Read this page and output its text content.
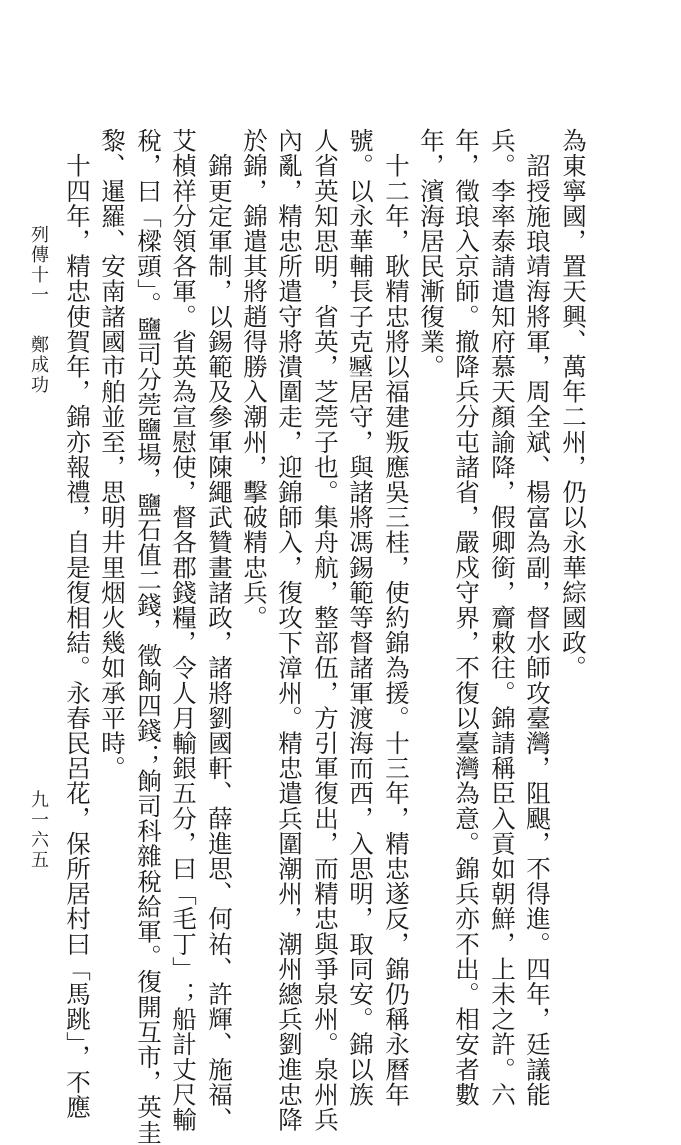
為東寧國，置天興、萬年二州，仍以永華綜國政。
　詔授施琅靖海將軍，周全斌、楊富為副，督水師攻臺灣，阻颶，不得進。四年，廷議能
兵。李率泰請遣知府慕天顏諭降，假卿銜，齎敕往。錦請稱臣入貢如朝鮮，上未之許。六
年，徵琅入京師。撤降兵分屯諸省，嚴戍守界，不復以臺灣為意。錦兵亦不出。相安者數
年，濱海居民漸復業。
　十二年，耿精忠將以福建叛應吳三桂，使約錦為援。十三年，精忠遂反，錦仍稱永曆年
號。以永華輔長子克𡒉居守，與諸將馮錫範等督諸軍渡海而西，入思明，取同安。錦以族
人省英知思明，省英，芝莞子也。集舟航，整部伍，方引軍復出，而精忠與爭泉州。泉州兵
內亂，精忠所遣守將潰圍走，迎錦師入，復攻下漳州。精忠遣兵圍潮州，潮州總兵劉進忠降
於錦，錦遣其將趙得勝入潮州，擊破精忠兵。
　錦更定軍制，以錫範及參軍陳繩武贊畫諸政，諸將劉國軒、薛進思、何祐、許輝、施福、
艾楨祥分領各軍。省英為宣慰使，督各郡錢糧，令人月輸銀五分，曰「毛丁」；船計丈尺輸
稅，曰「樑頭」。鹽司分莞鹽場，鹽石值二錢，徵餉四錢；餉司科雜稅給軍。復開互市，英圭
黎、暹羅、安南諸國市舶並至，思明井里烟火幾如承平時。
　十四年，精忠使賀年，錦亦報禮，自是復相結。永春民呂花，保所居村曰「馬跳」，不應
列傳十一
鄭成功
九一六五
